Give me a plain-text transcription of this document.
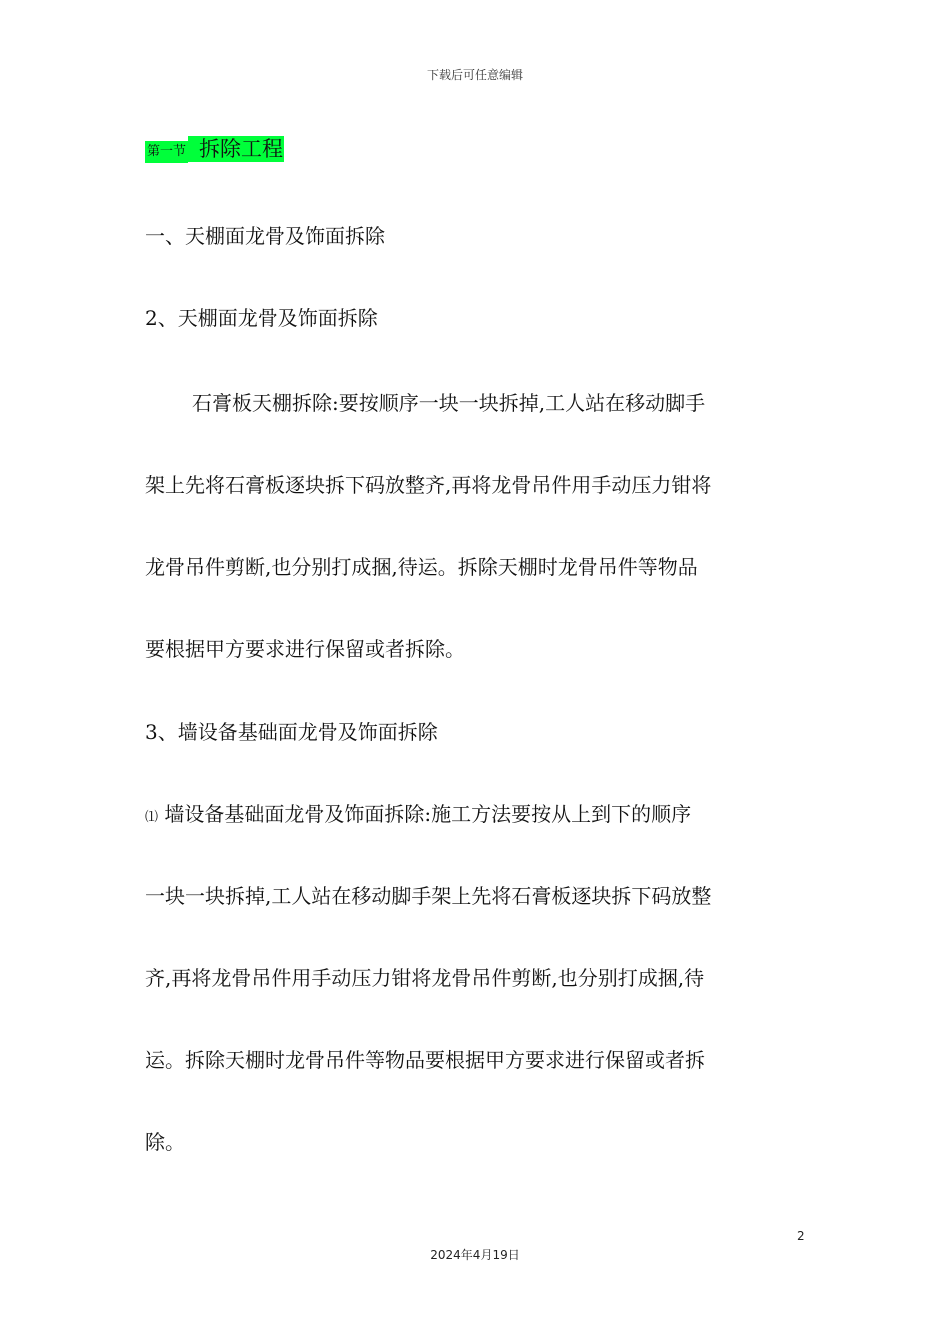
下载后可任意编辑
第一节 拆除工程
一、天棚面龙骨及饰面拆除
2、天棚面龙骨及饰面拆除
石膏板天棚拆除:要按顺序一块一块拆掉,工人站在移动脚手
架上先将石膏板逐块拆下码放整齐,再将龙骨吊件用手动压力钳将
龙骨吊件剪断,也分别打成捆,待运。拆除天棚时龙骨吊件等物品
要根据甲方要求进行保留或者拆除。
3、墙设备基础面龙骨及饰面拆除
⑴ 墙设备基础面龙骨及饰面拆除:施工方法要按从上到下的顺序
一块一块拆掉,工人站在移动脚手架上先将石膏板逐块拆下码放整
齐,再将龙骨吊件用手动压力钳将龙骨吊件剪断,也分别打成捆,待
运。拆除天棚时龙骨吊件等物品要根据甲方要求进行保留或者拆
除。
2
2024年4月19日
